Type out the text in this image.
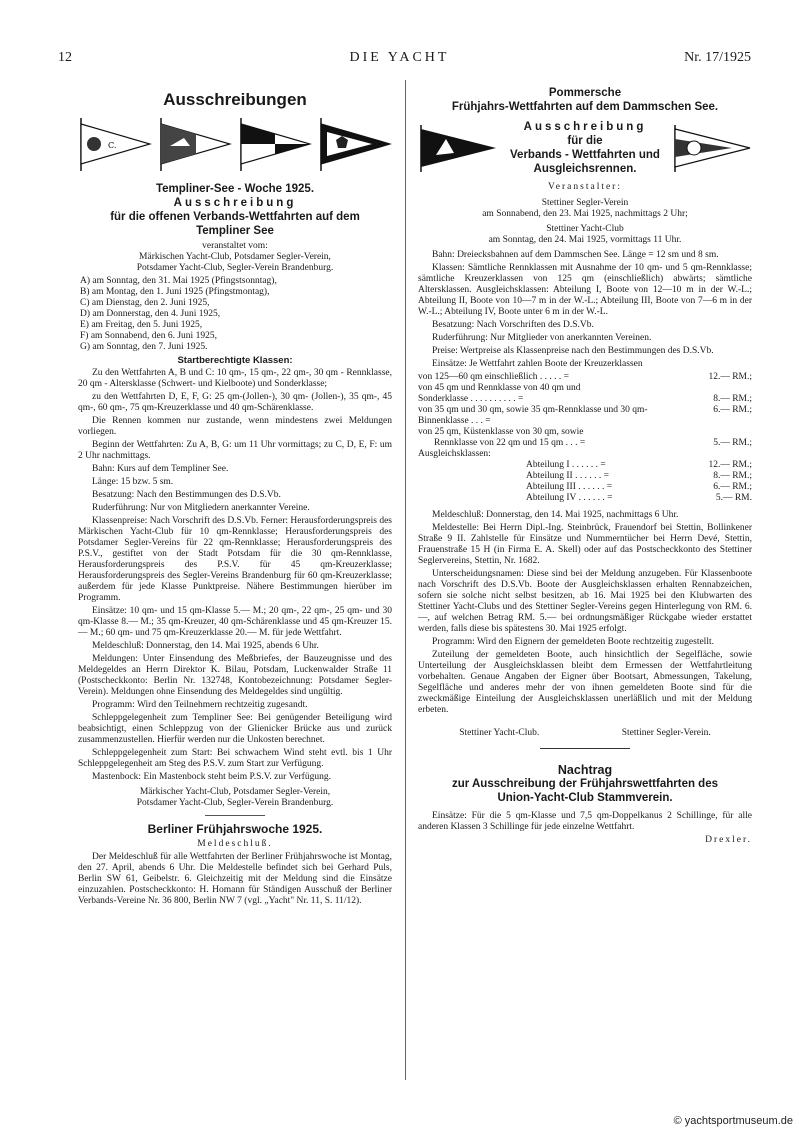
12	DIE YACHT	Nr. 17/1925
Ausschreibungen
C.
Templiner-See - Woche 1925.
Ausschreibung
für die offenen Verbands-Wettfahrten auf dem
Templiner See
veranstaltet vom:
Märkischen Yacht-Club, Potsdamer Segler-Verein,
Potsdamer Yacht-Club, Segler-Verein Brandenburg.
A) am Sonntag, den 31. Mai 1925 (Pfingstsonntag),
B) am Montag, den 1. Juni 1925 (Pfingstmontag),
C) am Dienstag, den 2. Juni 1925,
D) am Donnerstag, den 4. Juni 1925,
E) am Freitag, den 5. Juni 1925,
F) am Sonnabend, den 6. Juni 1925,
G) am Sonntag, den 7. Juni 1925.
Startberechtigte Klassen:
Zu den Wettfahrten A, B und C: 10 qm-, 15 qm-, 22 qm-, 30 qm - Rennklasse, 20 qm - Altersklasse (Schwert- und Kielboote) und Sonderklasse;
zu den Wettfahrten D, E, F, G: 25 qm-(Jollen-), 30 qm- (Jollen-), 35 qm-, 45 qm-, 60 qm-, 75 qm-Kreuzerklasse und 40 qm-Schärenklasse.
Die Rennen kommen nur zustande, wenn mindestens zwei Meldungen vorliegen.
Beginn der Wettfahrten: Zu A, B, G: um 11 Uhr vormittags; zu C, D, E, F: um 2 Uhr nachmittags.
Bahn: Kurs auf dem Templiner See.
Länge: 15 bzw. 5 sm.
Besatzung: Nach den Bestimmungen des D.S.Vb.
Ruderführung: Nur von Mitgliedern anerkannter Vereine.
Klassenpreise: Nach Vorschrift des D.S.Vb. Ferner: Herausforderungspreis des Märkischen Yacht-Club für 10 qm-Rennklasse; Herausforderungspreis des Potsdamer Segler-Vereins für 22 qm-Rennklasse; Herausforderungspreis des P.S.V., gestiftet von der Stadt Potsdam für die 30 qm-Rennklasse, Herausforderungspreis des P.S.V. für 45 qm-Kreuzerklasse; Herausforderungspreis des Segler-Vereins Brandenburg für 60 qm-Kreuzerklasse; außerdem für jede Klasse Punktpreise. Nähere Bestimmungen hierüber im Programm.
Einsätze: 10 qm- und 15 qm-Klasse 5.— M.; 20 qm-, 22 qm-, 25 qm- und 30 qm-Klasse 8.— M.; 35 qm-Kreuzer, 40 qm-Schärenklasse und 45 qm-Kreuzer 15.— M.; 60 qm- und 75 qm-Kreuzerklasse 20.— M. für jede Wettfahrt.
Meldeschluß: Donnerstag, den 14. Mai 1925, abends 6 Uhr.
Meldungen: Unter Einsendung des Meßbriefes, der Bauzeugnisse und des Meldegeldes an Herrn Direktor K. Bilau, Potsdam, Luckenwalder Straße 11 (Postscheckkonto: Berlin Nr. 132748, Kontobezeichnung: Potsdamer Segler-Verein). Meldungen ohne Einsendung des Meldegeldes sind ungültig.
Programm: Wird den Teilnehmern rechtzeitig zugesandt.
Schleppgelegenheit zum Templiner See: Bei genügender Beteiligung wird beabsichtigt, einen Schleppzug von der Glienicker Brücke aus und zurück zusammenzustellen. Hierfür werden nur die Unkosten berechnet.
Schleppgelegenheit zum Start: Bei schwachem Wind steht evtl. bis 1 Uhr Schleppgelegenheit am Steg des P.S.V. zum Start zur Verfügung.
Mastenbock: Ein Mastenbock steht beim P.S.V. zur Verfügung.
Märkischer Yacht-Club, Potsdamer Segler-Verein,
Potsdamer Yacht-Club, Segler-Verein Brandenburg.
Berliner Frühjahrswoche 1925.
Meldeschluß.
Der Meldeschluß für alle Wettfahrten der Berliner Frühjahrswoche ist Montag, den 27. April, abends 6 Uhr. Die Meldestelle befindet sich bei Gerhard Puls, Berlin SW 61, Geibelstr. 6. Gleichzeitig mit der Meldung sind die Einsätze einzuzahlen. Postscheckkonto: H. Homann für Ständigen Ausschuß der Berliner Verbands-Vereine Nr. 36 800, Berlin NW 7 (vgl. „Yacht" Nr. 11, S. 11/12).
Pommersche
Frühjahrs-Wettfahrten auf dem Dammschen See.
Ausschreibung
für die
Verbands - Wettfahrten und
Ausgleichsrennen.
Veranstalter:
Stettiner Segler-Verein
am Sonnabend, den 23. Mai 1925, nachmittags 2 Uhr;
Stettiner Yacht-Club
am Sonntag, den 24. Mai 1925, vormittags 11 Uhr.
Bahn: Dreiecksbahnen auf dem Dammschen See. Länge = 12 sm und 8 sm.
Klassen: Sämtliche Rennklassen mit Ausnahme der 10 qm- und 5 qm-Rennklasse; sämtliche Kreuzerklassen von 125 qm (einschließlich) abwärts; sämtliche Altersklassen. Ausgleichsklassen: Abteilung I, Boote von 12—10 m in der W.-L.; Abteilung II, Boote von 10—7 m in der W.-L.; Abteilung III, Boote von 7—6 m in der W.-L.; Abteilung IV, Boote unter 6 m in der W.-L.
Besatzung: Nach Vorschriften des D.S.Vb.
Ruderführung: Nur Mitglieder von anerkannten Vereinen.
Preise: Wertpreise als Klassenpreise nach den Bestimmungen des D.S.Vb.
Einsätze: Je Wettfahrt zahlen Boote der Kreuzerklassen
von 125—60 qm einschließlich . . . . . =	12.— RM.;
von 45 qm und Rennklasse von 40 qm und	
Sonderklasse . . . . . . . . . . =	8.— RM.;
von 35 qm und 30 qm, sowie 35 qm-Rennklasse und 30 qm-Binnenklasse . . . =	6.— RM.;
von 25 qm, Küstenklasse von 30 qm, sowie	
Rennklasse von 22 qm und 15 qm . . . =	5.— RM.;
Ausgleichsklassen:	
Abteilung I . . . . . . =	12.— RM.;
Abteilung II . . . . . . =	8.— RM.;
Abteilung III . . . . . . =	6.— RM.;
Abteilung IV . . . . . . =	5.— RM.
Meldeschluß: Donnerstag, den 14. Mai 1925, nachmittags 6 Uhr.
Meldestelle: Bei Herrn Dipl.-Ing. Steinbrück, Frauendorf bei Stettin, Bollinkener Straße 9 II. Zahlstelle für Einsätze und Nummerntücher bei Herrn Devé, Stettin, Frauenstraße 15 H (in Firma E. A. Skell) oder auf das Postscheckkonto des Stettiner Seglervereins, Stettin, Nr. 1682.
Unterscheidungsnamen: Diese sind bei der Meldung anzugeben. Für Klassenboote nach Vorschrift des D.S.Vb. Boote der Ausgleichsklassen erhalten Rennabzeichen, sofern sie solche nicht selbst besitzen, ab 16. Mai 1925 bei den Klubwarten des Stettiner Yacht-Clubs und des Stettiner Segler-Vereins gegen Hinterlegung von RM. 6.—, auf welchen Betrag RM. 5.— bei ordnungsmäßiger Rückgabe wieder erstattet werden, falls diese bis spätestens 30. Mai 1925 erfolgt.
Programm: Wird den Eignern der gemeldeten Boote rechtzeitig zugestellt.
Zuteilung der gemeldeten Boote, auch hinsichtlich der Segelfläche, sowie Unterteilung der Ausgleichsklassen bleibt dem Ermessen der Wettfahrtleitung vorbehalten. Genaue Angaben der Eigner über Bootsart, Abmessungen, Takelung, Segelfläche und anderes mehr der von ihnen gemeldeten Boote sind für die zweckmäßige Einteilung der Ausgleichsklassen unerläßlich und mit der Meldung erbeten.
Stettiner Yacht-Club.	Stettiner Segler-Verein.
Nachtrag
zur Ausschreibung der Frühjahrswettfahrten des
Union-Yacht-Club Stammverein.
Einsätze: Für die 5 qm-Klasse und 7,5 qm-Doppelkanus 2 Schillinge, für alle anderen Klassen 3 Schillinge für jede einzelne Wettfahrt.
Drexler.
© yachtsportmuseum.de
